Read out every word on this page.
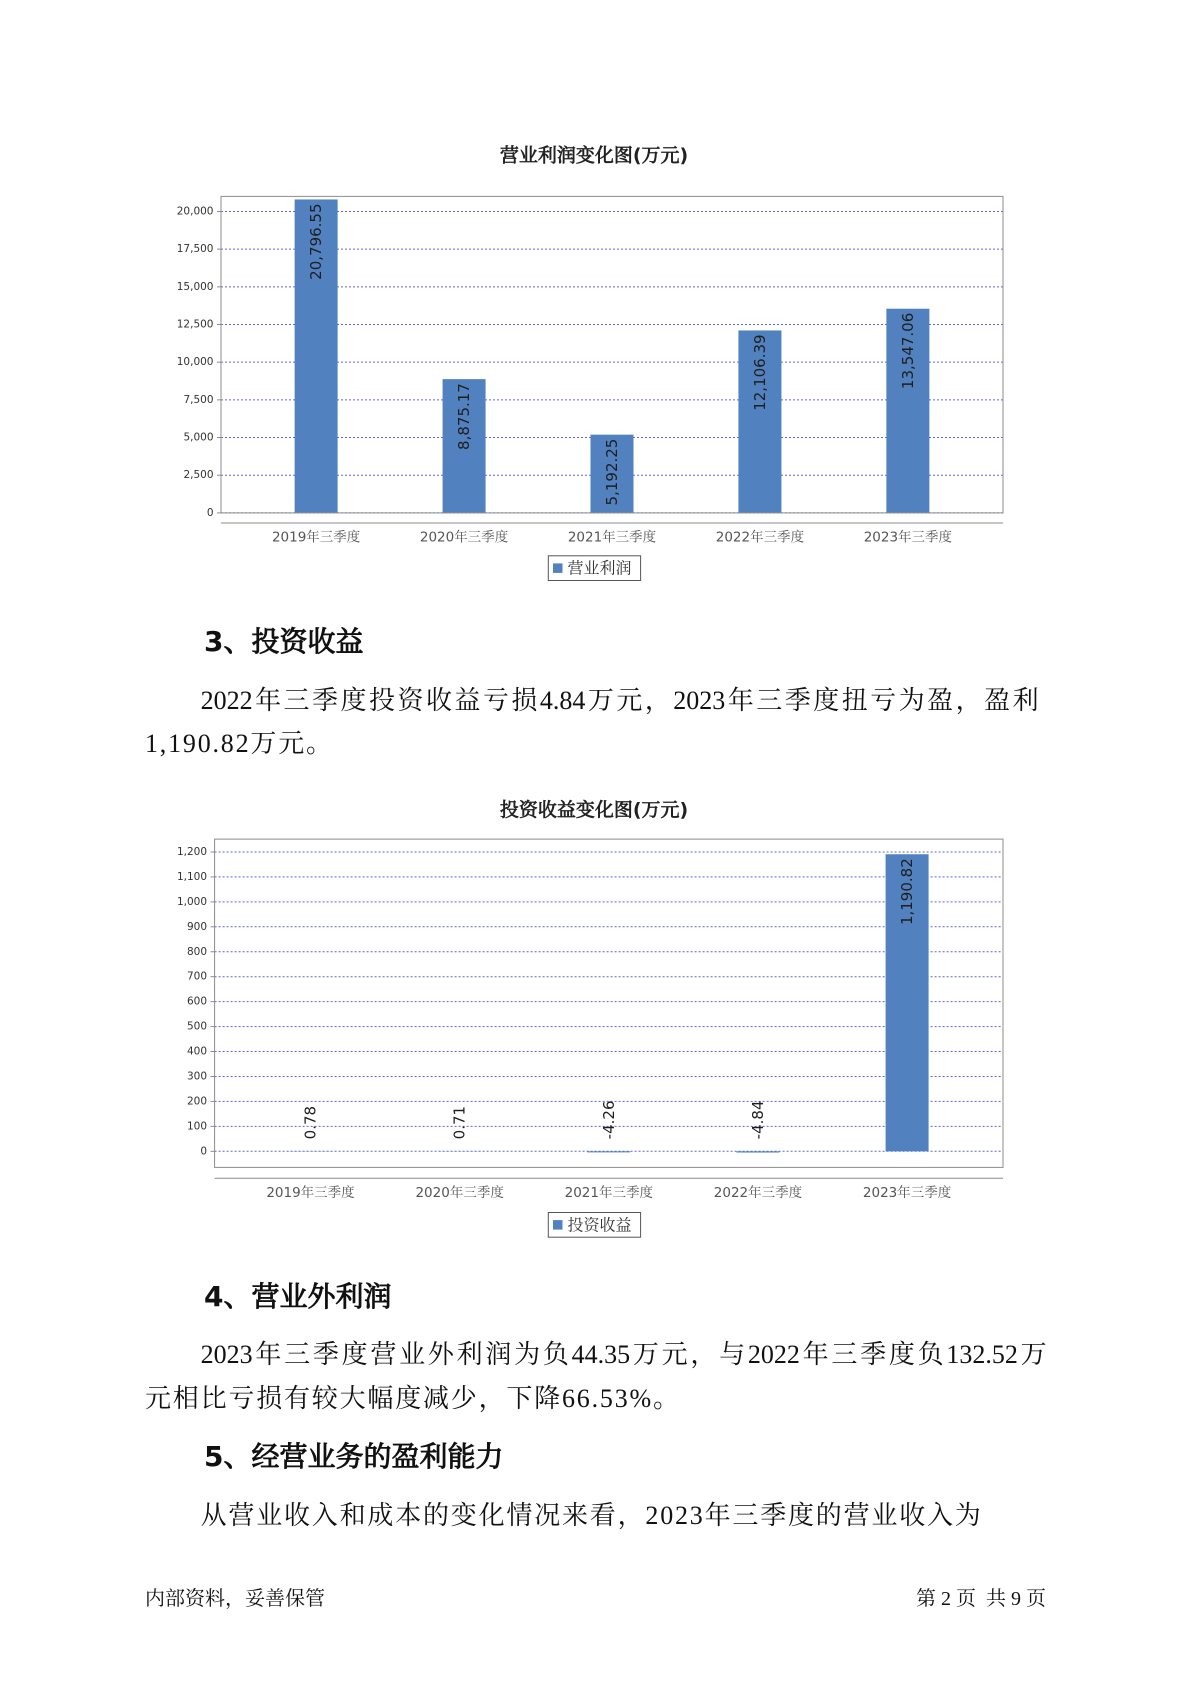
营业利润变化图(万元)
0
2,500
5,000
7,500
10,000
12,500
15,000
17,500
20,000	20,796.55
2019年三季度
8,875.17
2020年三季度
5,192.25
2021年三季度
12,106.39
2022年三季度
13,547.06
2023年三季度
营业利润
3、投资收益
2022年三季度投资收益亏损4.84万元，2023年三季度扭亏为盈，盈利
1,190.82万元。
投资收益变化图(万元)
0
100
200
300
400
500
600
700
800
900
1,000
1,100
1,200
0.78
2019年三季度
0.71
2020年三季度
-4.26
2021年三季度
-4.84
2022年三季度
1,190.82
2023年三季度
投资收益
4、营业外利润
2023年三季度营业外利润为负44.35万元，与2022年三季度负132.52万
元相比亏损有较大幅度减少，下降66.53%。
5、经营业务的盈利能力
从营业收入和成本的变化情况来看，2023年三季度的营业收入为
内部资料，妥善保管	第 2 页  共 9 页
